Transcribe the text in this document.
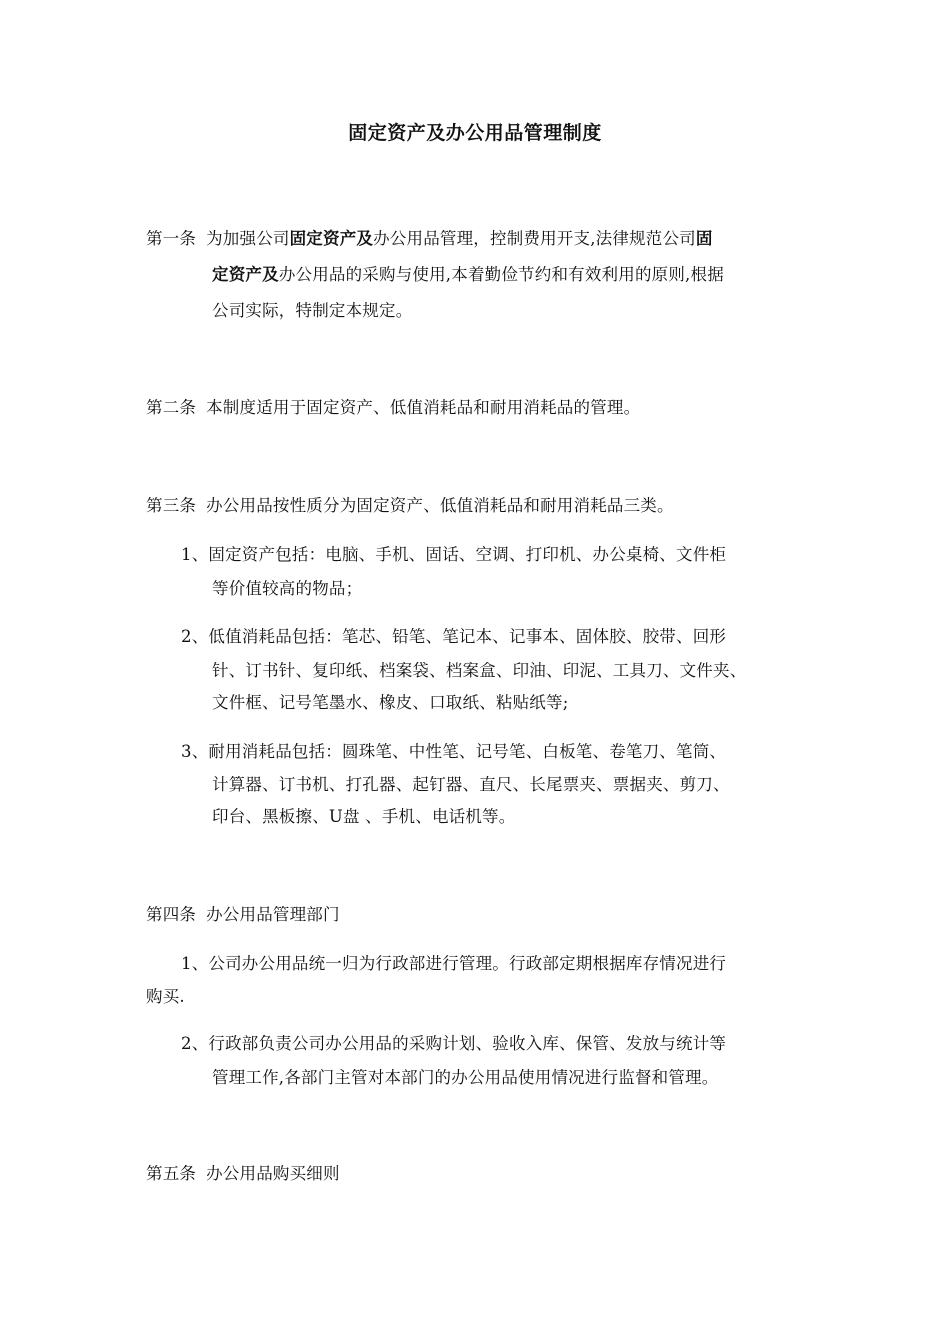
固定资产及办公用品管理制度
第一条 为加强公司固定资产及办公用品管理，控制费用开支,法律规范公司固
定资产及办公用品的采购与使用,本着勤俭节约和有效利用的原则,根据
公司实际，特制定本规定。
第二条 本制度适用于固定资产、低值消耗品和耐用消耗品的管理。
第三条 办公用品按性质分为固定资产、低值消耗品和耐用消耗品三类。
1、固定资产包括：电脑、手机、固话、空调、打印机、办公桌椅、文件柜
等价值较高的物品；
2、低值消耗品包括：笔芯、铅笔、笔记本、记事本、固体胶、胶带、回形
针、订书针、复印纸、档案袋、档案盒、印油、印泥、工具刀、文件夹、
文件框、记号笔墨水、橡皮、口取纸、粘贴纸等;
3、耐用消耗品包括：圆珠笔、中性笔、记号笔、白板笔、卷笔刀、笔筒、
计算器、订书机、打孔器、起钉器、直尺、长尾票夹、票据夹、剪刀、
印台、黑板擦、U盘 、手机、电话机等。
第四条 办公用品管理部门
1、公司办公用品统一归为行政部进行管理。行政部定期根据库存情况进行
购买.
2、行政部负责公司办公用品的采购计划、验收入库、保管、发放与统计等
管理工作,各部门主管对本部门的办公用品使用情况进行监督和管理。
第五条 办公用品购买细则
